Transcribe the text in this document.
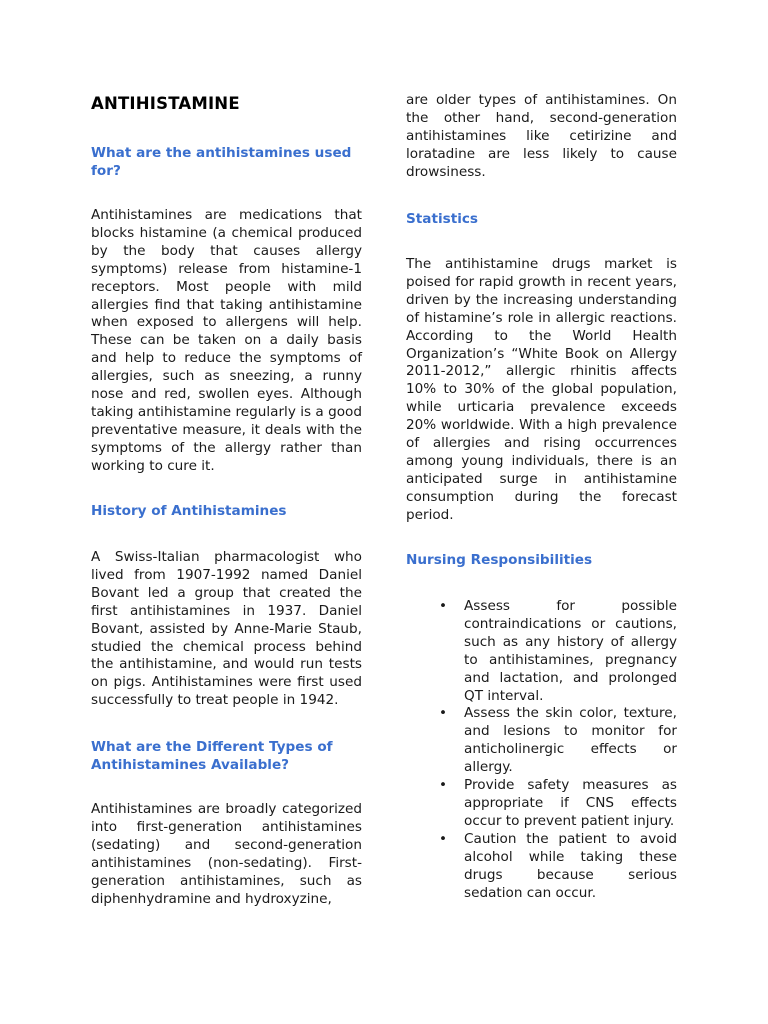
ANTIHISTAMINE
What are the antihistamines used for?

Antihistamines are medications that blocks histamine (a chemical produced by the body that causes allergy symptoms) release from histamine-1 receptors. Most people with mild allergies find that taking antihistamine when exposed to allergens will help. These can be taken on a daily basis and help to reduce the symptoms of allergies, such as sneezing, a runny nose and red, swollen eyes. Although taking antihistamine regularly is a good preventative measure, it deals with the symptoms of the allergy rather than working to cure it.

History of Antihistamines

A Swiss-Italian pharmacologist who lived from 1907-1992 named Daniel Bovant led a group that created the first antihistamines in 1937. Daniel Bovant, assisted by Anne-Marie Staub, studied the chemical process behind the antihistamine, and would run tests on pigs. Antihistamines were first used successfully to treat people in 1942.

What are the Different Types of Antihistamines Available?

Antihistamines are broadly categorized into first-generation antihistamines (sedating) and second-generation antihistamines (non-sedating). First-generation antihistamines, such as diphenhydramine and hydroxyzine,

are older types of antihistamines. On the other hand, second-generation antihistamines like cetirizine and loratadine are less likely to cause drowsiness.

Statistics

The antihistamine drugs market is poised for rapid growth in recent years, driven by the increasing understanding of histamine’s role in allergic reactions. According to the World Health Organization’s “White Book on Allergy 2011-2012,” allergic rhinitis affects 10% to 30% of the global population, while urticaria prevalence exceeds 20% worldwide. With a high prevalence of allergies and rising occurrences among young individuals, there is an anticipated surge in antihistamine consumption during the forecast period.

Nursing Responsibilities
• Assess for possible contraindications or cautions, such as any history of allergy to antihistamines, pregnancy and lactation, and prolonged QT interval.
• Assess the skin color, texture, and lesions to monitor for anticholinergic effects or allergy.
• Provide safety measures as appropriate if CNS effects occur to prevent patient injury.
• Caution the patient to avoid alcohol while taking these drugs because serious sedation can occur.
